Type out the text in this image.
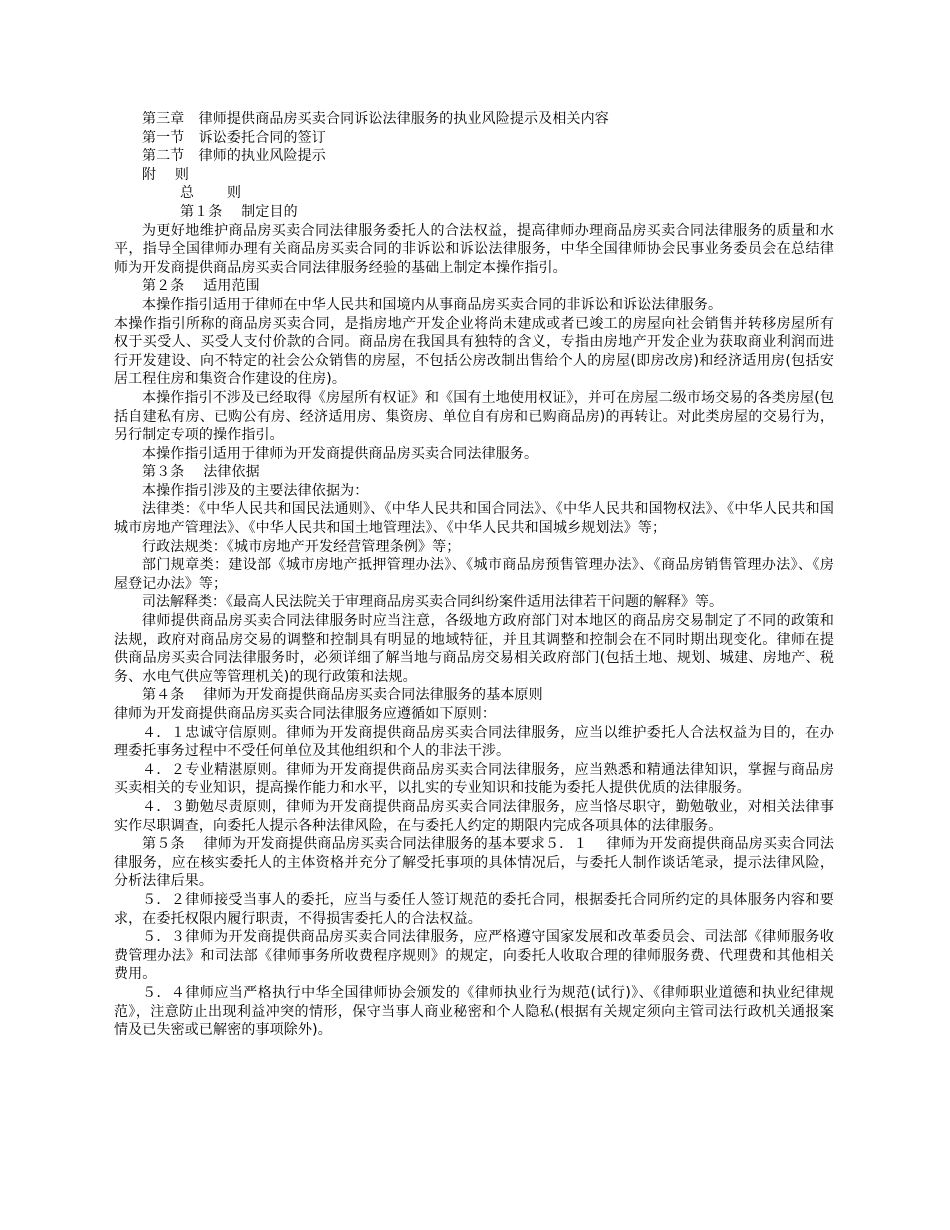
第三章　律师提供商品房买卖合同诉讼法律服务的执业风险提示及相关内容
第一节　诉讼委托合同的签订
第二节　律师的执业风险提示
附　 则
总　　 则
第１条　 制定目的

为更好地维护商品房买卖合同法律服务委托人的合法权益，提高律师办理商品房买卖合同法律服务的质量和水平，指导全国律师办理有关商品房买卖合同的非诉讼和诉讼法律服务，中华全国律师协会民事业务委员会在总结律师为开发商提供商品房买卖合同法律服务经验的基础上制定本操作指引。

第２条　 适用范围

本操作指引适用于律师在中华人民共和国境内从事商品房买卖合同的非诉讼和诉讼法律服务。

本操作指引所称的商品房买卖合同，是指房地产开发企业将尚未建成或者已竣工的房屋向社会销售并转移房屋所有权于买受人、买受人支付价款的合同。商品房在我国具有独特的含义，专指由房地产开发企业为获取商业利润而进行开发建设、向不特定的社会公众销售的房屋，不包括公房改制出售给个人的房屋(即房改房)和经济适用房(包括安居工程住房和集资合作建设的住房)。

本操作指引不涉及已经取得《房屋所有权证》和《国有土地使用权证》，并可在房屋二级市场交易的各类房屋(包括自建私有房、已购公有房、经济适用房、集资房、单位自有房和已购商品房)的再转让。对此类房屋的交易行为，另行制定专项的操作指引。

本操作指引适用于律师为开发商提供商品房买卖合同法律服务。

第３条　 法律依据

本操作指引涉及的主要法律依据为：

法律类：《中华人民共和国民法通则》、《中华人民共和国合同法》、《中华人民共和国物权法》、《中华人民共和国城市房地产管理法》、《中华人民共和国土地管理法》、《中华人民共和国城乡规划法》等；

行政法规类：《城市房地产开发经营管理条例》等；

部门规章类：建设部《城市房地产抵押管理办法》、《城市商品房预售管理办法》、《商品房销售管理办法》、《房屋登记办法》等；

司法解释类：《最高人民法院关于审理商品房买卖合同纠纷案件适用法律若干问题的解释》等。

律师提供商品房买卖合同法律服务时应当注意，各级地方政府部门对本地区的商品房交易制定了不同的政策和法规，政府对商品房交易的调整和控制具有明显的地域特征，并且其调整和控制会在不同时期出现变化。律师在提供商品房买卖合同法律服务时，必须详细了解当地与商品房交易相关政府部门(包括土地、规划、城建、房地产、税务、水电气供应等管理机关)的现行政策和法规。

第４条　 律师为开发商提供商品房买卖合同法律服务的基本原则

律师为开发商提供商品房买卖合同法律服务应遵循如下原则：

４．１忠诚守信原则。律师为开发商提供商品房买卖合同法律服务，应当以维护委托人合法权益为目的，在办理委托事务过程中不受任何单位及其他组织和个人的非法干涉。

４．２专业精湛原则。律师为开发商提供商品房买卖合同法律服务，应当熟悉和精通法律知识，掌握与商品房买卖相关的专业知识，提高操作能力和水平，以扎实的专业知识和技能为委托人提供优质的法律服务。

４．３勤勉尽责原则，律师为开发商提供商品房买卖合同法律服务，应当恪尽职守，勤勉敬业，对相关法律事实作尽职调查，向委托人提示各种法律风险，在与委托人约定的期限内完成各项具体的法律服务。

第５条　 律师为开发商提供商品房买卖合同法律服务的基本要求５．１　 律师为开发商提供商品房买卖合同法律服务，应在核实委托人的主体资格并充分了解受托事项的具体情况后，与委托人制作谈话笔录，提示法律风险，分析法律后果。

５．２律师接受当事人的委托，应当与委任人签订规范的委托合同，根据委托合同所约定的具体服务内容和要求，在委托权限内履行职责，不得损害委托人的合法权益。

５．３律师为开发商提供商品房买卖合同法律服务，应严格遵守国家发展和改革委员会、司法部《律师服务收费管理办法》和司法部《律师事务所收费程序规则》的规定，向委托人收取合理的律师服务费、代理费和其他相关费用。

５．４律师应当严格执行中华全国律师协会颁发的《律师执业行为规范(试行)》、《律师职业道德和执业纪律规范》，注意防止出现利益冲突的情形，保守当事人商业秘密和个人隐私(根据有关规定须向主管司法行政机关通报案情及已失密或已解密的事项除外)。
